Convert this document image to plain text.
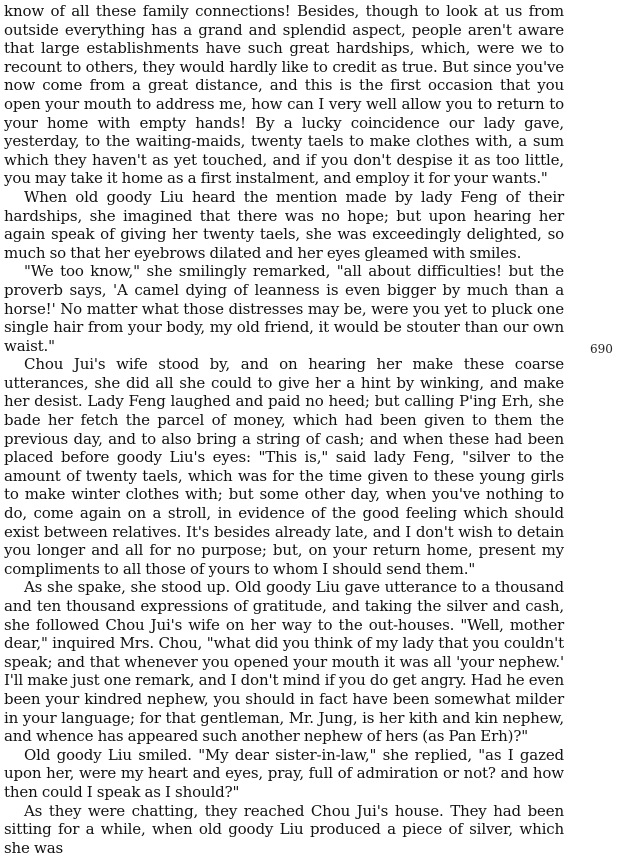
know of all these family connections! Besides, though to look at us from outside everything has a grand and splendid aspect, people aren't aware that large establishments have such great hardships, which, were we to recount to others, they would hardly like to credit as true. But since you've now come from a great distance, and this is the first occasion that you open your mouth to address me, how can I very well allow you to return to your home with empty hands! By a lucky coincidence our lady gave, yesterday, to the waiting-maids, twenty taels to make clothes with, a sum which they haven't as yet touched, and if you don't despise it as too little, you may take it home as a first instalment, and employ it for your wants."

When old goody Liu heard the mention made by lady Feng of their hardships, she imagined that there was no hope; but upon hearing her again speak of giving her twenty taels, she was exceedingly delighted, so much so that her eyebrows dilated and her eyes gleamed with smiles.

"We too know," she smilingly remarked, "all about difficulties! but the proverb says, 'A camel dying of leanness is even bigger by much than a horse!' No matter what those distresses may be, were you yet to pluck one single hair from your body, my old friend, it would be stouter than our own waist."

Chou Jui's wife stood by, and on hearing her make these coarse utterances, she did all she could to give her a hint by winking, and make her desist. Lady Feng laughed and paid no heed; but calling P'ing Erh, she bade her fetch the parcel of money, which had been given to them the previous day, and to also bring a string of cash; and when these had been placed before goody Liu's eyes: "This is," said lady Feng, "silver to the amount of twenty taels, which was for the time given to these young girls to make winter clothes with; but some other day, when you've nothing to do, come again on a stroll, in evidence of the good feeling which should exist between relatives. It's besides already late, and I don't wish to detain you longer and all for no purpose; but, on your return home, present my compliments to all those of yours to whom I should send them."

As she spake, she stood up. Old goody Liu gave utterance to a thousand and ten thousand expressions of gratitude, and taking the silver and cash, she followed Chou Jui's wife on her way to the out-houses. "Well, mother dear," inquired Mrs. Chou, "what did you think of my lady that you couldn't speak; and that whenever you opened your mouth it was all 'your nephew.' I'll make just one remark, and I don't mind if you do get angry. Had he even been your kindred nephew, you should in fact have been somewhat milder in your language; for that gentleman, Mr. Jung, is her kith and kin nephew, and whence has appeared such another nephew of hers (as Pan Erh)?"

Old goody Liu smiled. "My dear sister-in-law," she replied, "as I gazed upon her, were my heart and eyes, pray, full of admiration or not? and how then could I speak as I should?"

As they were chatting, they reached Chou Jui's house. They had been sitting for a while, when old goody Liu produced a piece of silver, which she was

690
